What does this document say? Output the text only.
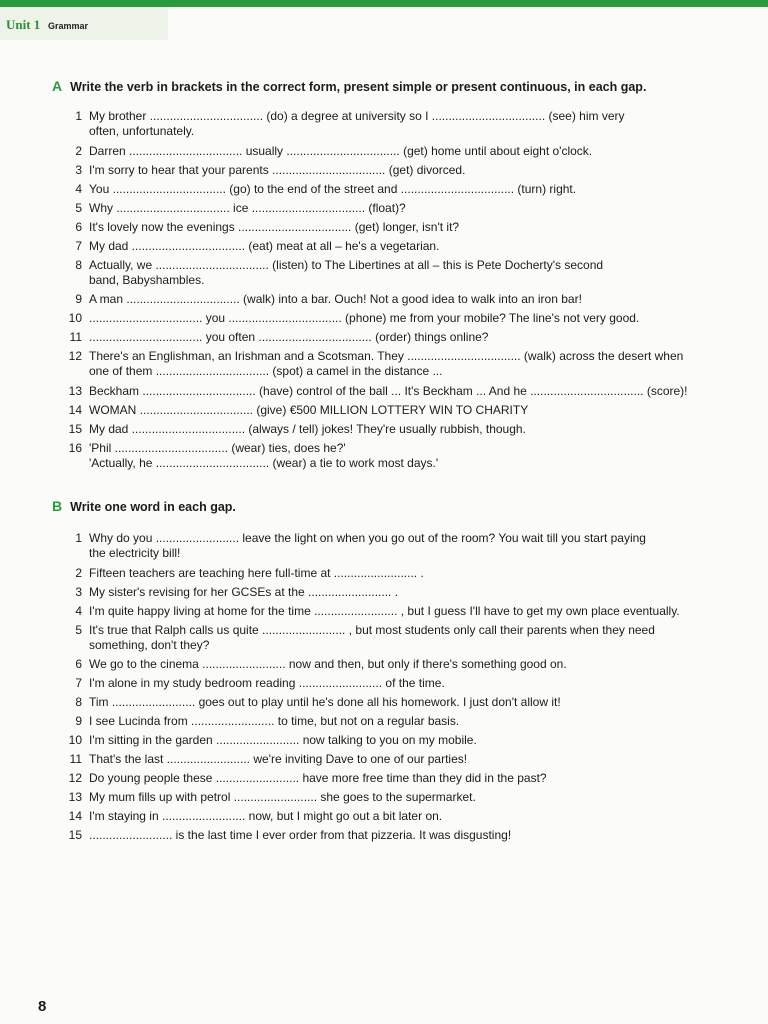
Unit 1 Grammar
A Write the verb in brackets in the correct form, present simple or present continuous, in each gap.
1 My brother .................................. (do) a degree at university so I .................................. (see) him very
often, unfortunately.
2 Darren .................................. usually .................................. (get) home until about eight o'clock.
3 I'm sorry to hear that your parents .................................. (get) divorced.
4 You .................................. (go) to the end of the street and .................................. (turn) right.
5 Why .................................. ice .................................. (float)?
6 It's lovely now the evenings .................................. (get) longer, isn't it?
7 My dad .................................. (eat) meat at all – he's a vegetarian.
8 Actually, we .................................. (listen) to The Libertines at all – this is Pete Docherty's second
band, Babyshambles.
9 A man .................................. (walk) into a bar. Ouch! Not a good idea to walk into an iron bar!
10 .................................. you .................................. (phone) me from your mobile? The line's not very good.
11 .................................. you often .................................. (order) things online?
12 There's an Englishman, an Irishman and a Scotsman. They .................................. (walk) across the desert when
one of them .................................. (spot) a camel in the distance ...
13 Beckham .................................. (have) control of the ball ... It's Beckham ... And he .................................. (score)!
14 WOMAN .................................. (give) €500 MILLION LOTTERY WIN TO CHARITY
15 My dad .................................. (always / tell) jokes! They're usually rubbish, though.
16 'Phil .................................. (wear) ties, does he?'
'Actually, he .................................. (wear) a tie to work most days.'
B Write one word in each gap.
1 Why do you ......................... leave the light on when you go out of the room? You wait till you start paying
the electricity bill!
2 Fifteen teachers are teaching here full-time at ......................... .
3 My sister's revising for her GCSEs at the ......................... .
4 I'm quite happy living at home for the time ......................... , but I guess I'll have to get my own place eventually.
5 It's true that Ralph calls us quite ......................... , but most students only call their parents when they need
something, don't they?
6 We go to the cinema ......................... now and then, but only if there's something good on.
7 I'm alone in my study bedroom reading ......................... of the time.
8 Tim ......................... goes out to play until he's done all his homework. I just don't allow it!
9 I see Lucinda from ......................... to time, but not on a regular basis.
10 I'm sitting in the garden ......................... now talking to you on my mobile.
11 That's the last ......................... we're inviting Dave to one of our parties!
12 Do young people these ......................... have more free time than they did in the past?
13 My mum fills up with petrol ......................... she goes to the supermarket.
14 I'm staying in ......................... now, but I might go out a bit later on.
15 ......................... is the last time I ever order from that pizzeria. It was disgusting!
8
